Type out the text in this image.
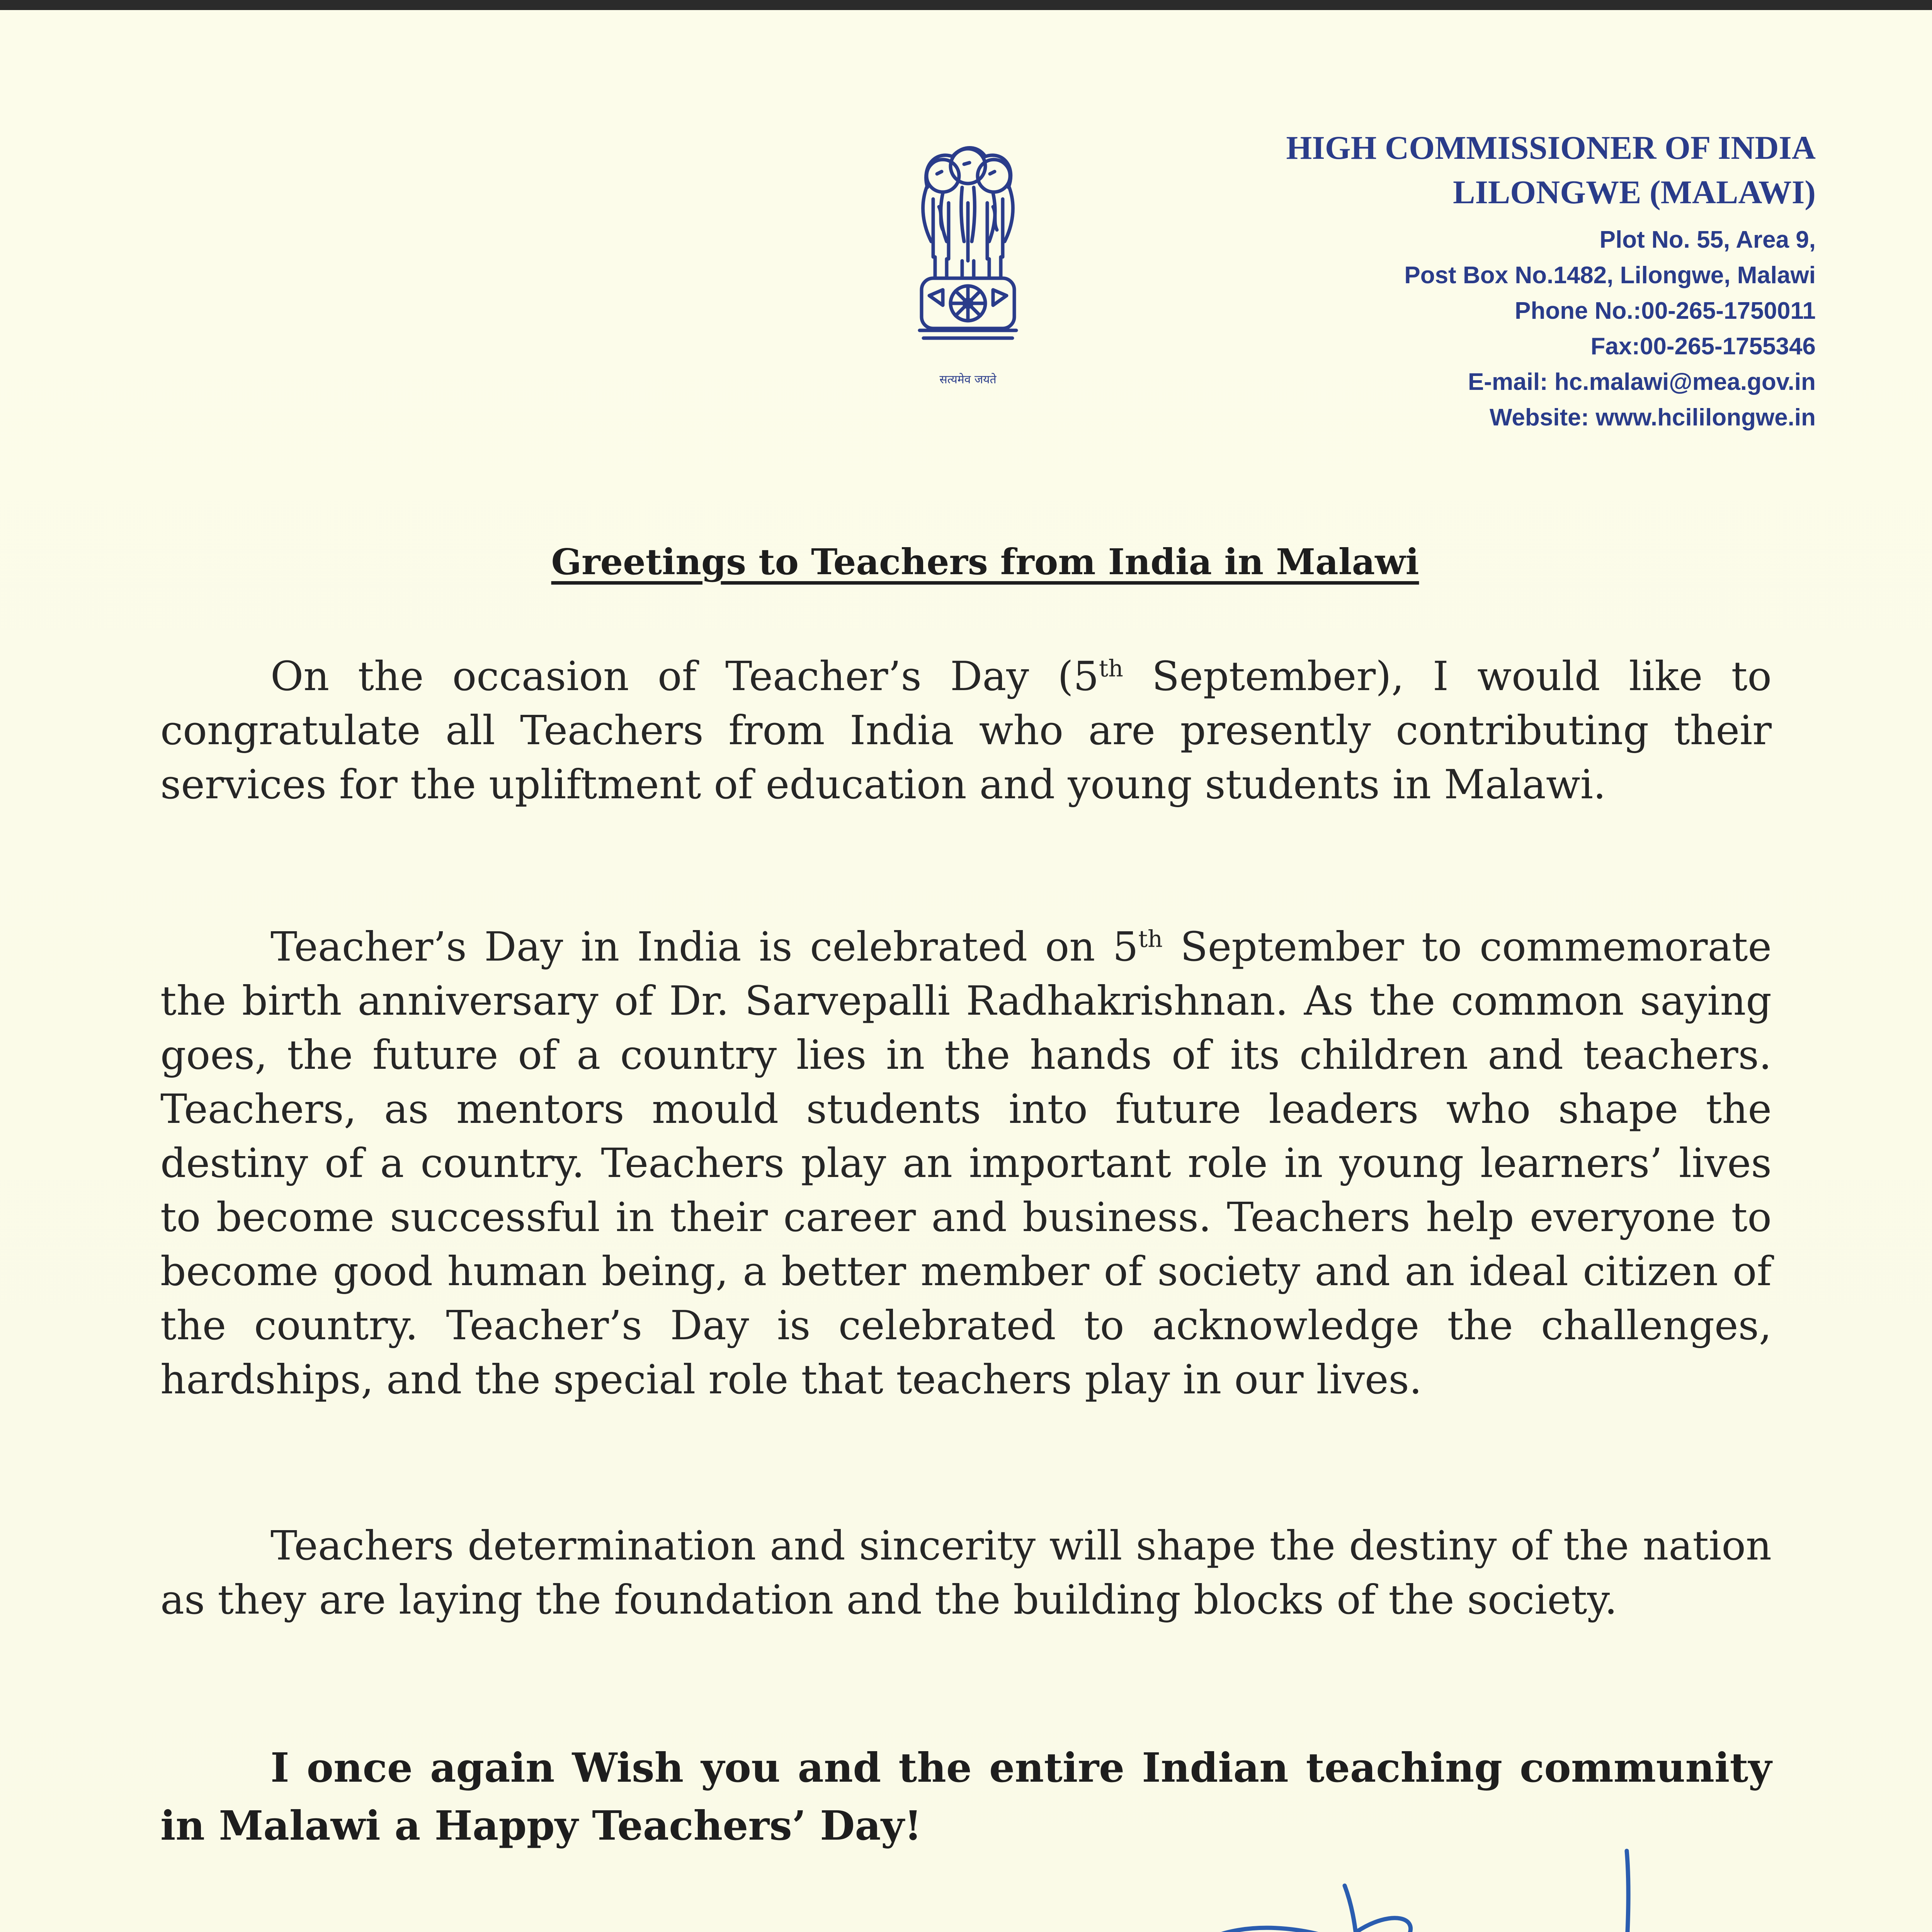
सत्यमेव जयते

HIGH COMMISSIONER OF INDIA

LILONGWE (MALAWI)

Plot No. 55, Area 9,

Post Box No.1482, Lilongwe, Malawi

Phone No.:00-265-1750011

Fax:00-265-1755346

E-mail: hc.malawi@mea.gov.in

Website: www.hcililongwe.in

Greetings to Teachers from India in Malawi

On the occasion of Teacher’s Day (5th September), I would like to congratulate all Teachers from India who are presently contributing their services for the upliftment of education and young students in Malawi.

Teacher’s Day in India is celebrated on 5th September to commemorate the birth anniversary of Dr. Sarvepalli Radhakrishnan. As the common saying goes, the future of a country lies in the hands of its children and teachers. Teachers, as mentors mould students into future leaders who shape the destiny of a country. Teachers play an important role in young learners’ lives to become successful in their career and business. Teachers help everyone to become good human being, a better member of society and an ideal citizen of the country. Teacher’s Day is celebrated to acknowledge the challenges, hardships, and the special role that teachers play in our lives.

Teachers determination and sincerity will shape the destiny of the nation as they are laying the foundation and the building blocks of the society.

I once again Wish you and the entire Indian teaching community in Malawi a Happy Teachers’ Day!
